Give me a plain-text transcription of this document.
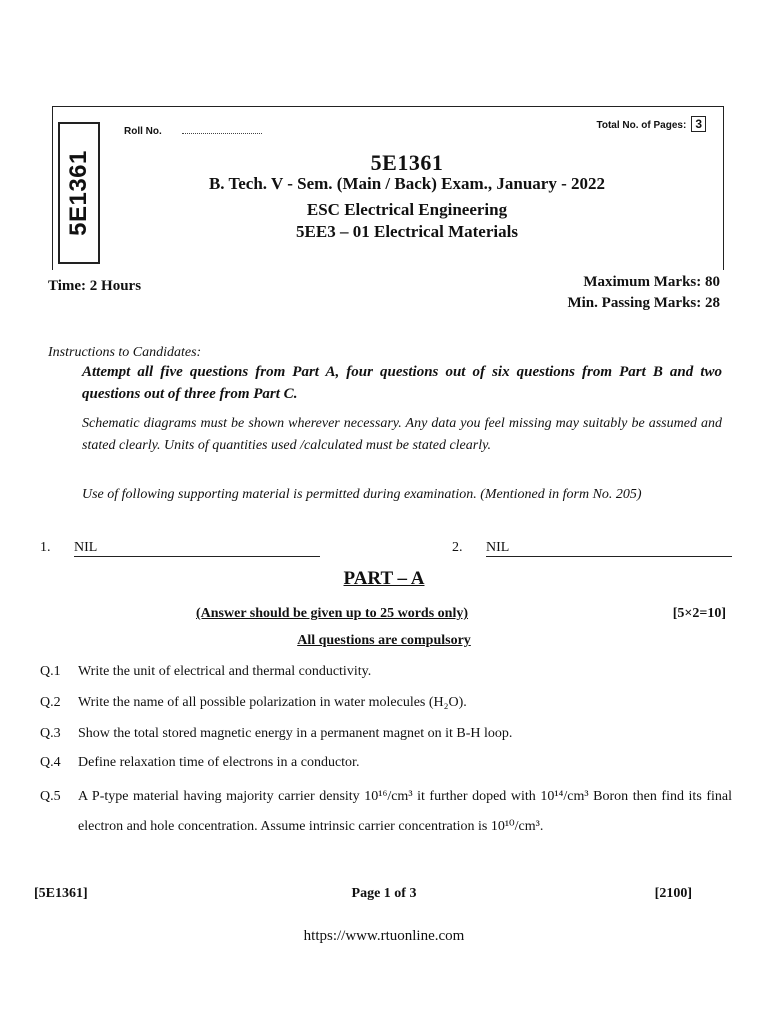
5E1361
Roll No.
Total No. of Pages: 3
5E1361
B. Tech. V - Sem. (Main / Back) Exam., January - 2022
ESC Electrical Engineering
5EE3 – 01 Electrical Materials
Time: 2 Hours	Maximum Marks: 80
Min. Passing Marks: 28
Instructions to Candidates:
Attempt all five questions from Part A, four questions out of six questions from Part B and two questions out of three from Part C.
Schematic diagrams must be shown wherever necessary. Any data you feel missing may suitably be assumed and stated clearly. Units of quantities used /calculated must be stated clearly.
Use of following supporting material is permitted during examination. (Mentioned in form No. 205)
1. NIL	2. NIL
PART – A
(Answer should be given up to 25 words only)	[5×2=10]
All questions are compulsory
Q.1 Write the unit of electrical and thermal conductivity.
Q.2 Write the name of all possible polarization in water molecules (H₂O).
Q.3 Show the total stored magnetic energy in a permanent magnet on it B-H loop.
Q.4 Define relaxation time of electrons in a conductor.
Q.5 A P-type material having majority carrier density 10¹⁶/cm³ it further doped with 10¹⁴/cm³ Boron then find its final electron and hole concentration. Assume intrinsic carrier concentration is 10¹⁰/cm³.
[5E1361]	Page 1 of 3	[2100]
https://www.rtuonline.com
